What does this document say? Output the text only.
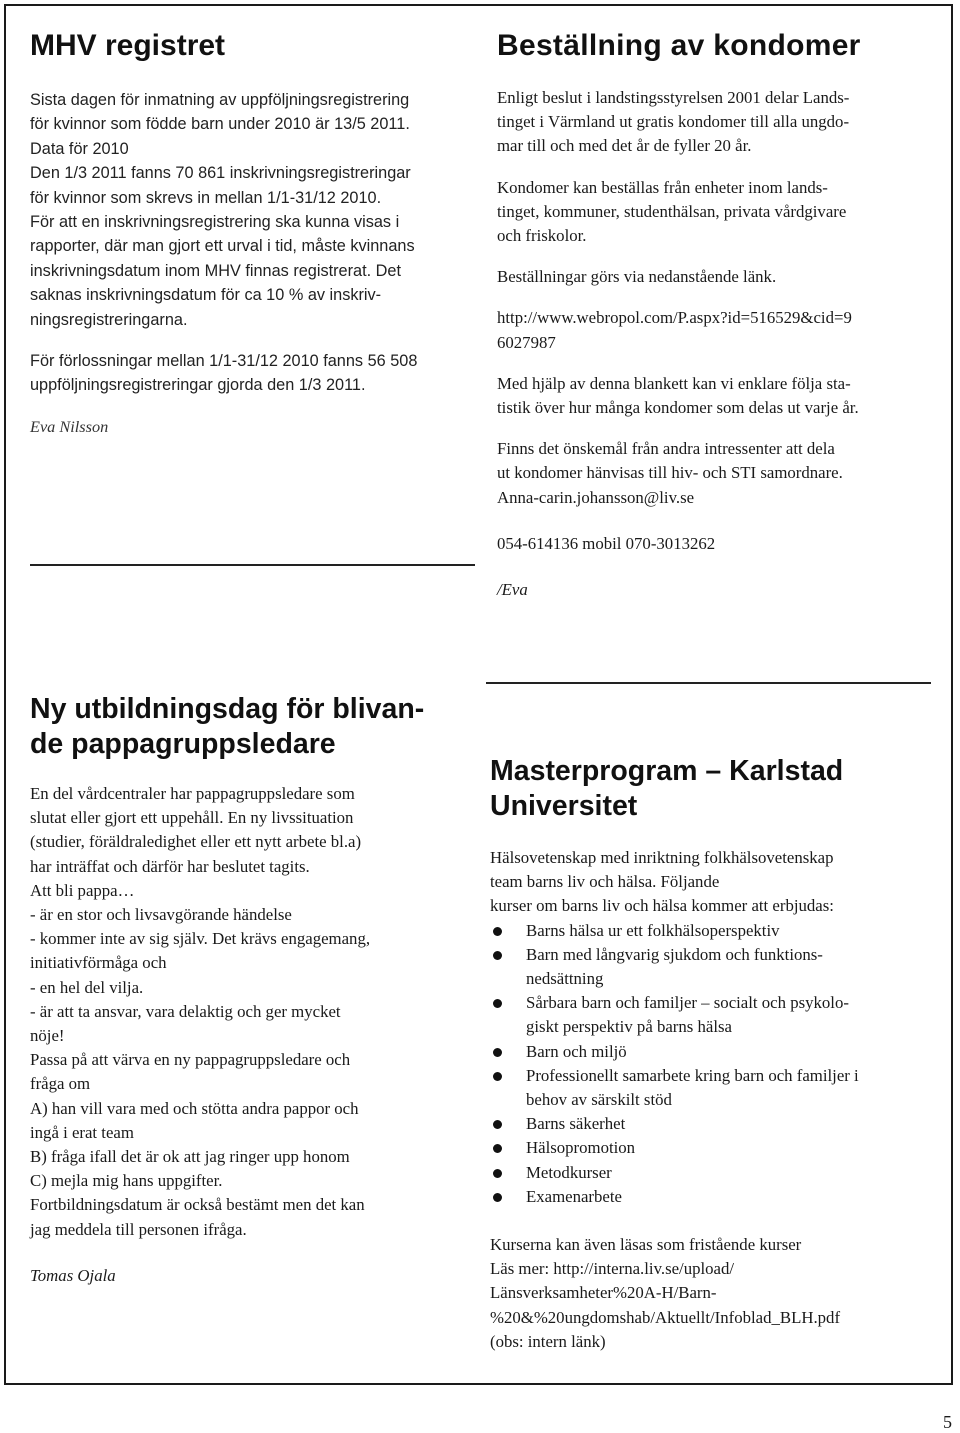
MHV registret
Sista dagen för inmatning av uppföljningsregistrering
för kvinnor som födde barn under 2010 är 13/5 2011.
Data för 2010
Den 1/3 2011 fanns 70 861 inskrivningsregistreringar
för kvinnor som skrevs in mellan 1/1-31/12 2010.
För att en inskrivningsregistrering ska kunna visas i
rapporter, där man gjort ett urval i tid, måste kvinnans
inskrivningsdatum inom MHV finnas registrerat. Det
saknas inskrivningsdatum för ca 10 % av inskriv-
ningsregistreringarna.
För förlossningar mellan 1/1-31/12 2010 fanns 56 508
uppföljningsregistreringar gjorda den 1/3 2011.
Eva Nilsson
Beställning av kondomer
Enligt beslut i landstingsstyrelsen 2001 delar Lands-
tinget i Värmland ut gratis kondomer till alla ungdo-
mar till och med det år de fyller 20 år.
Kondomer kan beställas från enheter inom lands-
tinget, kommuner, studenthälsan, privata vårdgivare
och friskolor.
Beställningar görs via nedanstående länk.
http://www.webropol.com/P.aspx?id=516529&cid=9
6027987
Med hjälp av denna blankett kan vi enklare följa sta-
tistik över hur många kondomer som delas ut varje år.
Finns det önskemål från andra intressenter att dela
ut kondomer hänvisas till hiv- och STI samordnare.
Anna-carin.johansson@liv.se
054-614136 mobil 070-3013262
/Eva
Ny utbildningsdag för blivan-
de pappagruppsledare
En del vårdcentraler har pappagruppsledare som
slutat eller gjort ett uppehåll. En ny livssituation
(studier, föräldraledighet eller ett nytt arbete bl.a)
har inträffat och därför har beslutet tagits.
Att bli pappa…
- är en stor och livsavgörande händelse
- kommer inte av sig själv. Det krävs engagemang,
initiativförmåga och
- en hel del vilja.
- är att ta ansvar, vara delaktig och ger mycket
nöje!
Passa på att värva en ny pappagruppsledare och
fråga om
A) han vill vara med och stötta andra pappor och
ingå i erat team
B) fråga ifall det är ok att jag ringer upp honom
C) mejla mig hans uppgifter.
Fortbildningsdatum är också bestämt men det kan
jag meddela till personen ifråga.
Tomas Ojala
Masterprogram – Karlstad
Universitet
Hälsovetenskap med inriktning folkhälsovetenskap
team barns liv och hälsa. Följande
kurser om barns liv och hälsa kommer att erbjudas:
Barns hälsa ur ett folkhälsoperspektiv
Barn med långvarig sjukdom och funktions-
nedsättning
Sårbara barn och familjer – socialt och psykolo-
giskt perspektiv på barns hälsa
Barn och miljö
Professionellt samarbete kring barn och familjer i
behov av särskilt stöd
Barns säkerhet
Hälsopromotion
Metodkurser
Examenarbete
Kurserna kan även läsas som fristående kurser
Läs mer: http://interna.liv.se/upload/
Länsverksamheter%20A-H/Barn-
%20&%20ungdomshab/Aktuellt/Infoblad_BLH.pdf
(obs: intern länk)
5
